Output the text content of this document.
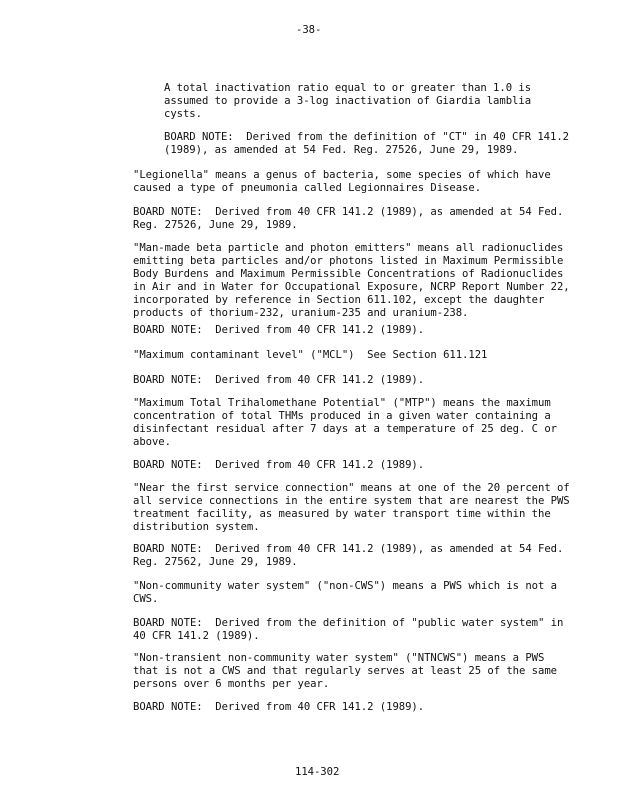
-38-
A total inactivation ratio equal to or greater than 1.0 is
assumed to provide a 3-log inactivation of Giardia lamblia
cysts.
BOARD NOTE:  Derived from the definition of "CT" in 40 CFR 141.2
(1989), as amended at 54 Fed. Reg. 27526, June 29, 1989.
"Legionella" means a genus of bacteria, some species of which have
caused a type of pneumonia called Legionnaires Disease.
BOARD NOTE:  Derived from 40 CFR 141.2 (1989), as amended at 54 Fed.
Reg. 27526, June 29, 1989.
"Man-made beta particle and photon emitters" means all radionuclides
emitting beta particles and/or photons listed in Maximum Permissible
Body Burdens and Maximum Permissible Concentrations of Radionuclides
in Air and in Water for Occupational Exposure, NCRP Report Number 22,
incorporated by reference in Section 611.102, except the daughter
products of thorium-232, uranium-235 and uranium-238.
BOARD NOTE:  Derived from 40 CFR 141.2 (1989).
"Maximum contaminant level" ("MCL")  See Section 611.121
BOARD NOTE:  Derived from 40 CFR 141.2 (1989).
"Maximum Total Trihalomethane Potential" ("MTP") means the maximum
concentration of total THMs produced in a given water containing a
disinfectant residual after 7 days at a temperature of 25 deg. C or
above.
BOARD NOTE:  Derived from 40 CFR 141.2 (1989).
"Near the first service connection" means at one of the 20 percent of
all service connections in the entire system that are nearest the PWS
treatment facility, as measured by water transport time within the
distribution system.
BOARD NOTE:  Derived from 40 CFR 141.2 (1989), as amended at 54 Fed.
Reg. 27562, June 29, 1989.
"Non-community water system" ("non-CWS") means a PWS which is not a
CWS.
BOARD NOTE:  Derived from the definition of "public water system" in
40 CFR 141.2 (1989).
"Non-transient non-community water system" ("NTNCWS") means a PWS
that is not a CWS and that regularly serves at least 25 of the same
persons over 6 months per year.
BOARD NOTE:  Derived from 40 CFR 141.2 (1989).
114-302
